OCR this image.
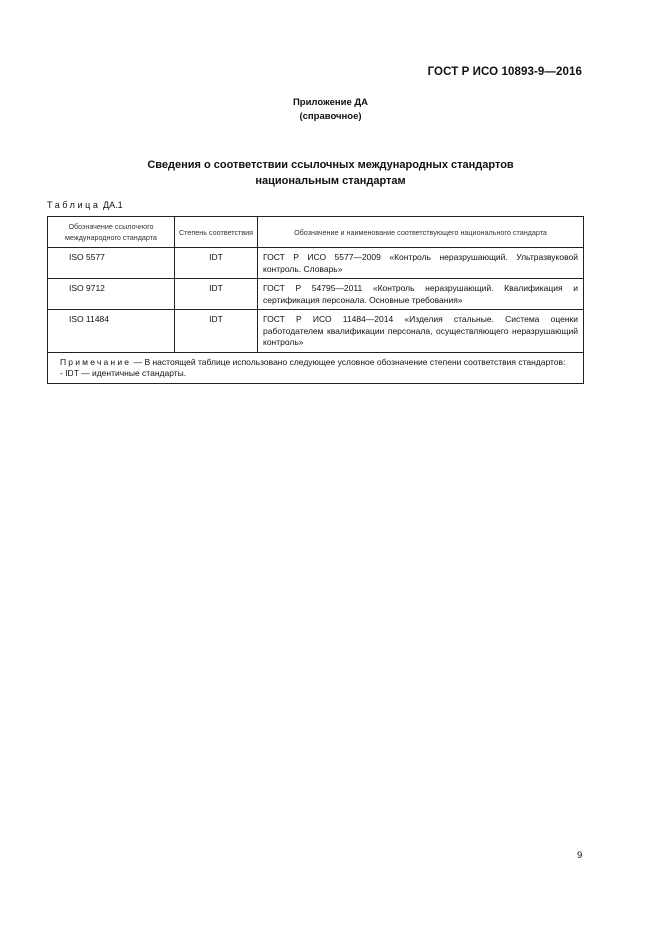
ГОСТ Р ИСО 10893-9—2016
Приложение ДА
(справочное)
Сведения о соответствии ссылочных международных стандартов
национальным стандартам
Таблица ДА.1
Обозначение ссылочного международного стандарта	Степень соответствия	Обозначение и наименование соответствующего национального стандарта
ISO 5577	IDT	ГОСТ Р ИСО 5577—2009 «Контроль неразрушающий. Ультразвуковой контроль. Словарь»
ISO 9712	IDT	ГОСТ Р 54795—2011 «Контроль неразрушающий. Квалификация и сертификация персонала. Основные требования»
ISO 11484	IDT	ГОСТ Р ИСО 11484—2014 «Изделия стальные. Система оценки работодателем квалификации персонала, осуществляющего неразрушающий контроль»
Примечание — В настоящей таблице использовано следующее условное обозначение степени соответствия стандартов:
- IDT — идентичные стандарты.		
9
